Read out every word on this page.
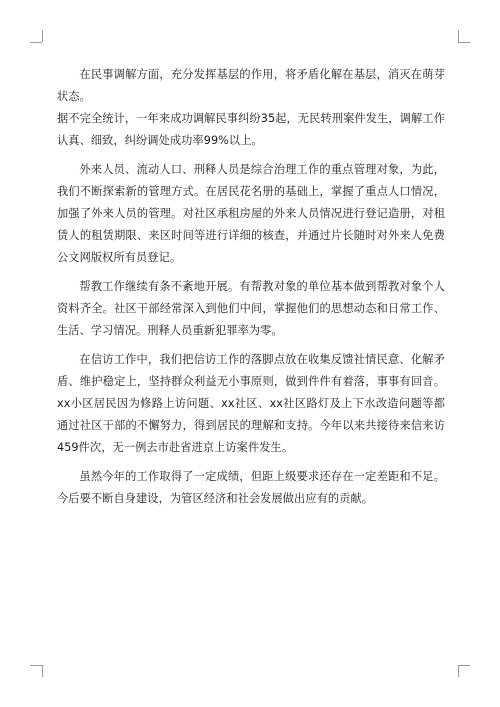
在民事调解方面，充分发挥基层的作用，将矛盾化解在基层，消灭在萌芽状态。

据不完全统计，一年来成功调解民事纠纷35起，无民转刑案件发生，调解工作认真、细致，纠纷调处成功率99%以上。

外来人员、流动人口、刑释人员是综合治理工作的重点管理对象，为此，我们不断探索新的管理方式。在居民花名册的基础上，掌握了重点人口情况，加强了外来人员的管理。对社区承租房屋的外来人员情况进行登记造册，对租赁人的租赁期限、来区时间等进行详细的核查，并通过片长随时对外来人免费公文网版权所有员登记。

帮教工作继续有条不紊地开展。有帮教对象的单位基本做到帮教对象个人资料齐全。社区干部经常深入到他们中间，掌握他们的思想动态和日常工作、生活、学习情况。刑释人员重新犯罪率为零。

在信访工作中，我们把信访工作的落脚点放在收集反馈社情民意、化解矛盾、维护稳定上，坚持群众利益无小事原则，做到件件有着落，事事有回音。xx小区居民因为修路上访问题、xx社区、xx社区路灯及上下水改造问题等都通过社区干部的不懈努力，得到居民的理解和支持。今年以来共接待来信来访459件次，无一例去市赴省进京上访案件发生。

虽然今年的工作取得了一定成绩，但距上级要求还存在一定差距和不足。今后要不断自身建设，为管区经济和社会发展做出应有的贡献。
